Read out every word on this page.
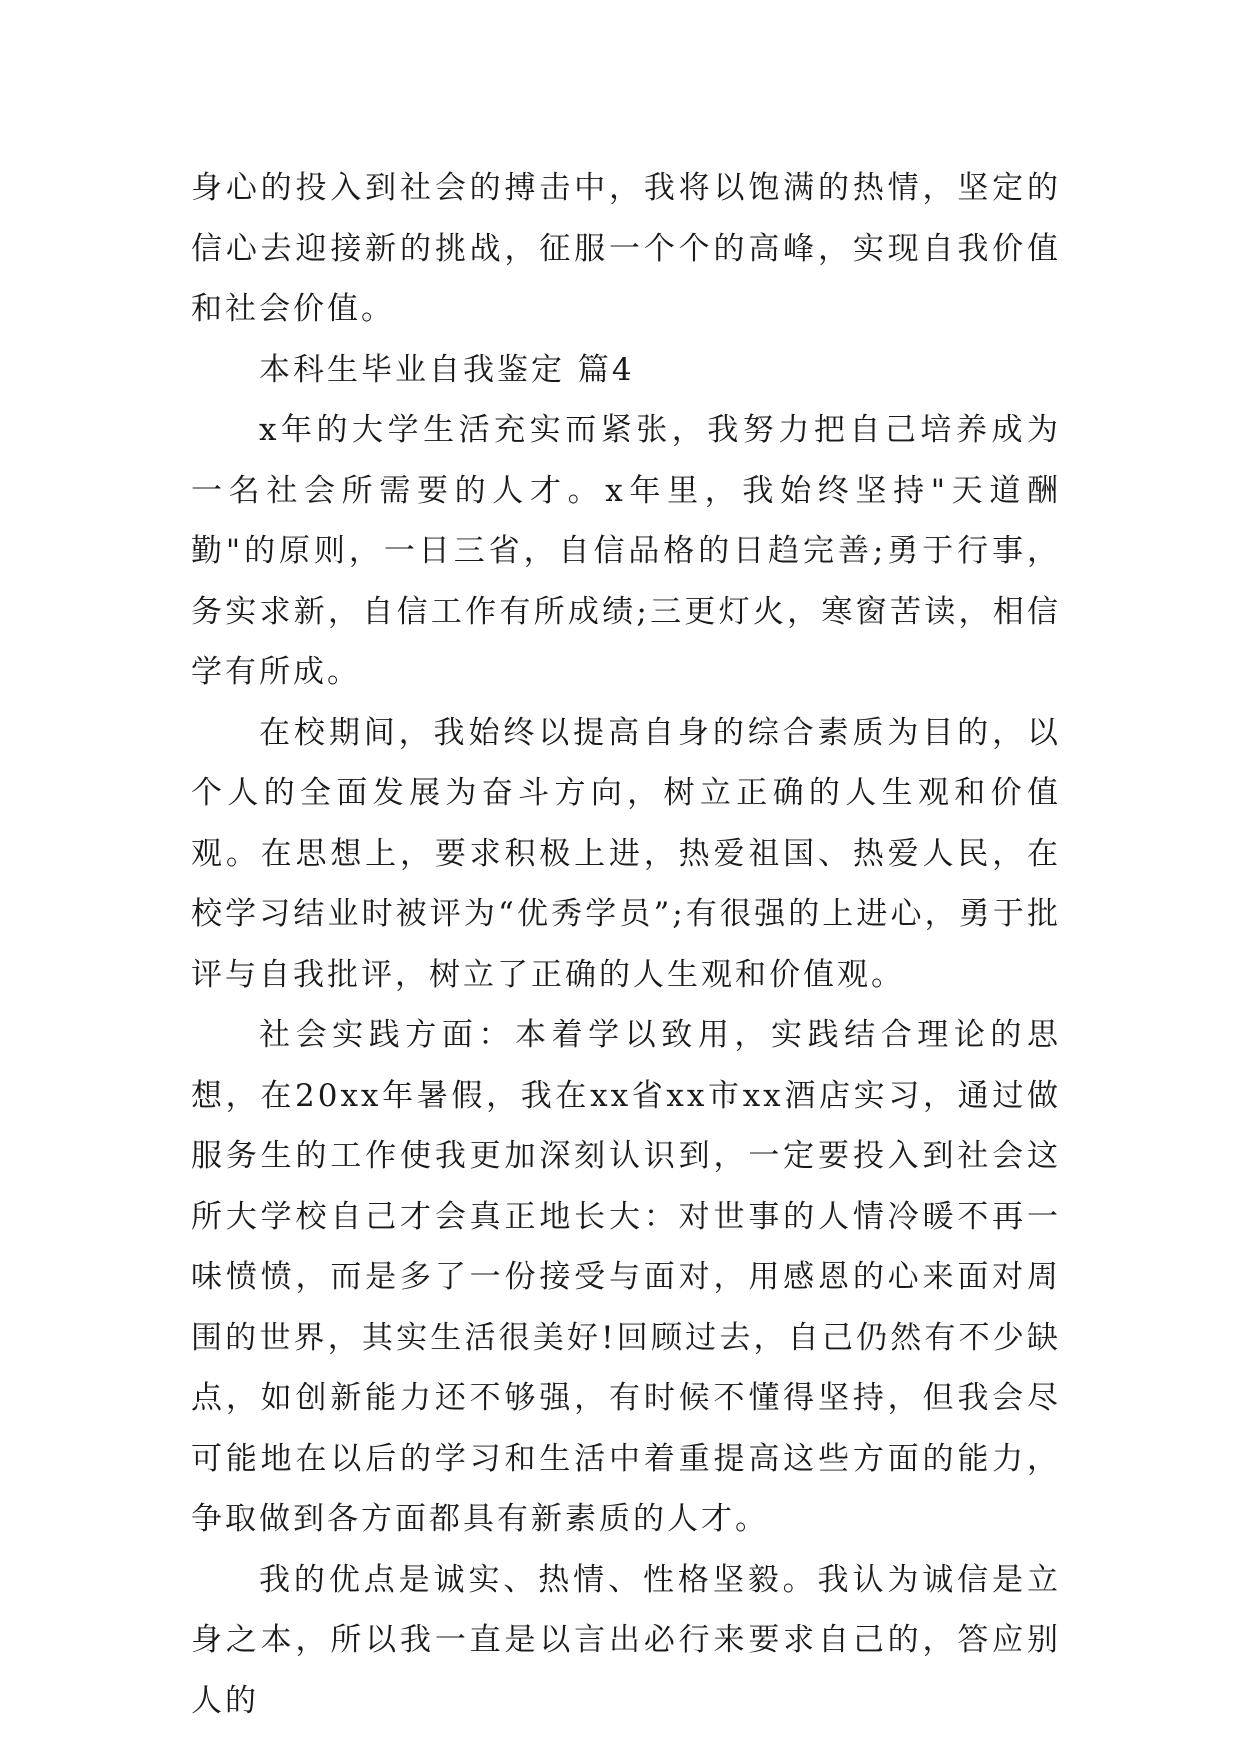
身心的投入到社会的搏击中，我将以饱满的热情，坚定的信心去迎接新的挑战，征服一个个的高峰，实现自我价值和社会价值。

本科生毕业自我鉴定 篇4

x年的大学生活充实而紧张，我努力把自己培养成为一名社会所需要的人才。x年里，我始终坚持"天道酬勤"的原则，一日三省，自信品格的日趋完善;勇于行事，务实求新，自信工作有所成绩;三更灯火，寒窗苦读，相信学有所成。

在校期间，我始终以提高自身的综合素质为目的，以个人的全面发展为奋斗方向，树立正确的人生观和价值观。在思想上，要求积极上进，热爱祖国、热爱人民，在校学习结业时被评为“优秀学员”;有很强的上进心，勇于批评与自我批评，树立了正确的人生观和价值观。

社会实践方面：本着学以致用，实践结合理论的思想，在20xx年暑假，我在xx省xx市xx酒店实习，通过做服务生的工作使我更加深刻认识到，一定要投入到社会这所大学校自己才会真正地长大：对世事的人情冷暖不再一味愤愤，而是多了一份接受与面对，用感恩的心来面对周围的世界，其实生活很美好!回顾过去，自己仍然有不少缺点，如创新能力还不够强，有时候不懂得坚持，但我会尽可能地在以后的学习和生活中着重提高这些方面的能力，争取做到各方面都具有新素质的人才。

我的优点是诚实、热情、性格坚毅。我认为诚信是立身之本，所以我一直是以言出必行来要求自己的，答应别人的
